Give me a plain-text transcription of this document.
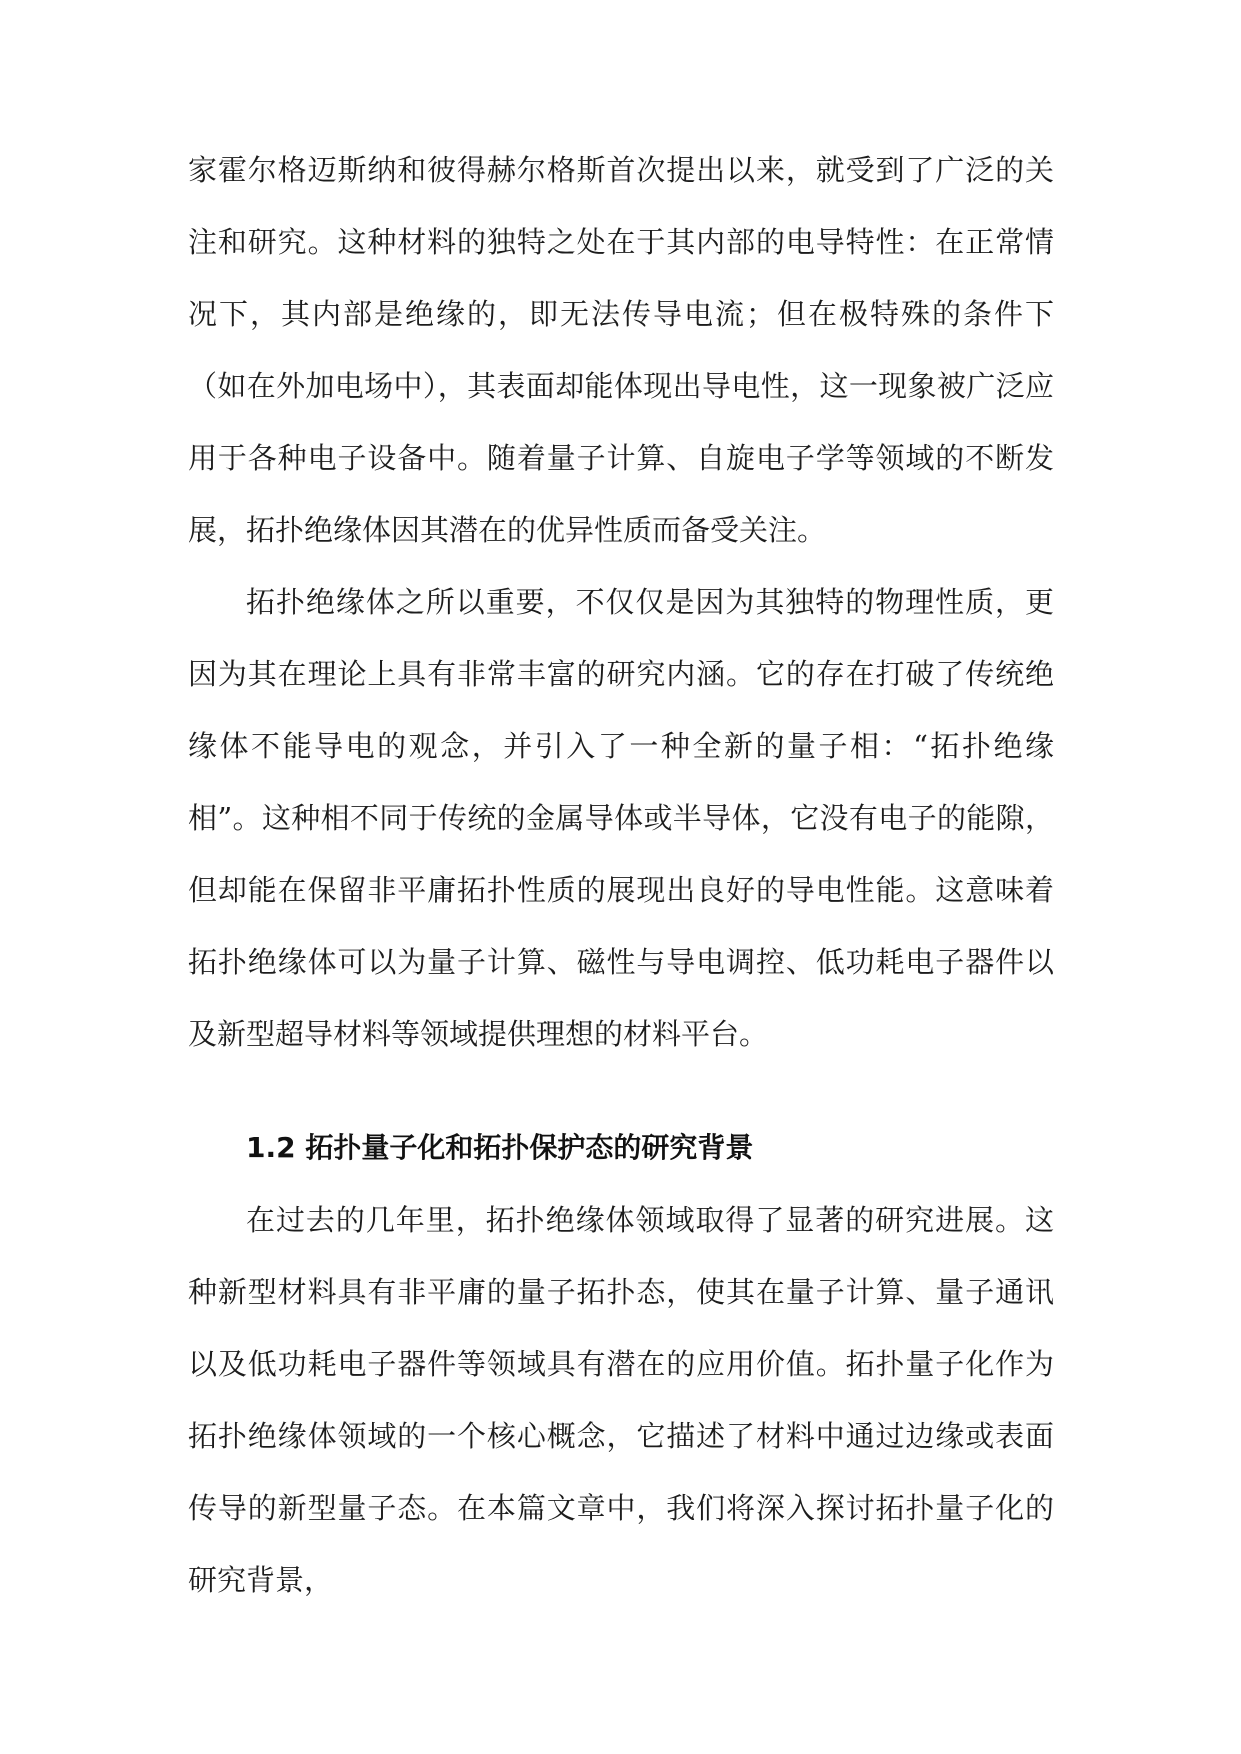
家霍尔格迈斯纳和彼得赫尔格斯首次提出以来，就受到了广泛的关注和研究。这种材料的独特之处在于其内部的电导特性：在正常情况下，其内部是绝缘的，即无法传导电流；但在极特殊的条件下（如在外加电场中），其表面却能体现出导电性，这一现象被广泛应用于各种电子设备中。随着量子计算、自旋电子学等领域的不断发展，拓扑绝缘体因其潜在的优异性质而备受关注。

拓扑绝缘体之所以重要，不仅仅是因为其独特的物理性质，更因为其在理论上具有非常丰富的研究内涵。它的存在打破了传统绝缘体不能导电的观念，并引入了一种全新的量子相：“拓扑绝缘相”。这种相不同于传统的金属导体或半导体，它没有电子的能隙，但却能在保留非平庸拓扑性质的展现出良好的导电性能。这意味着拓扑绝缘体可以为量子计算、磁性与导电调控、低功耗电子器件以及新型超导材料等领域提供理想的材料平台。

1.2 拓扑量子化和拓扑保护态的研究背景

在过去的几年里，拓扑绝缘体领域取得了显著的研究进展。这种新型材料具有非平庸的量子拓扑态，使其在量子计算、量子通讯以及低功耗电子器件等领域具有潜在的应用价值。拓扑量子化作为拓扑绝缘体领域的一个核心概念，它描述了材料中通过边缘或表面传导的新型量子态。在本篇文章中，我们将深入探讨拓扑量子化的研究背景，
